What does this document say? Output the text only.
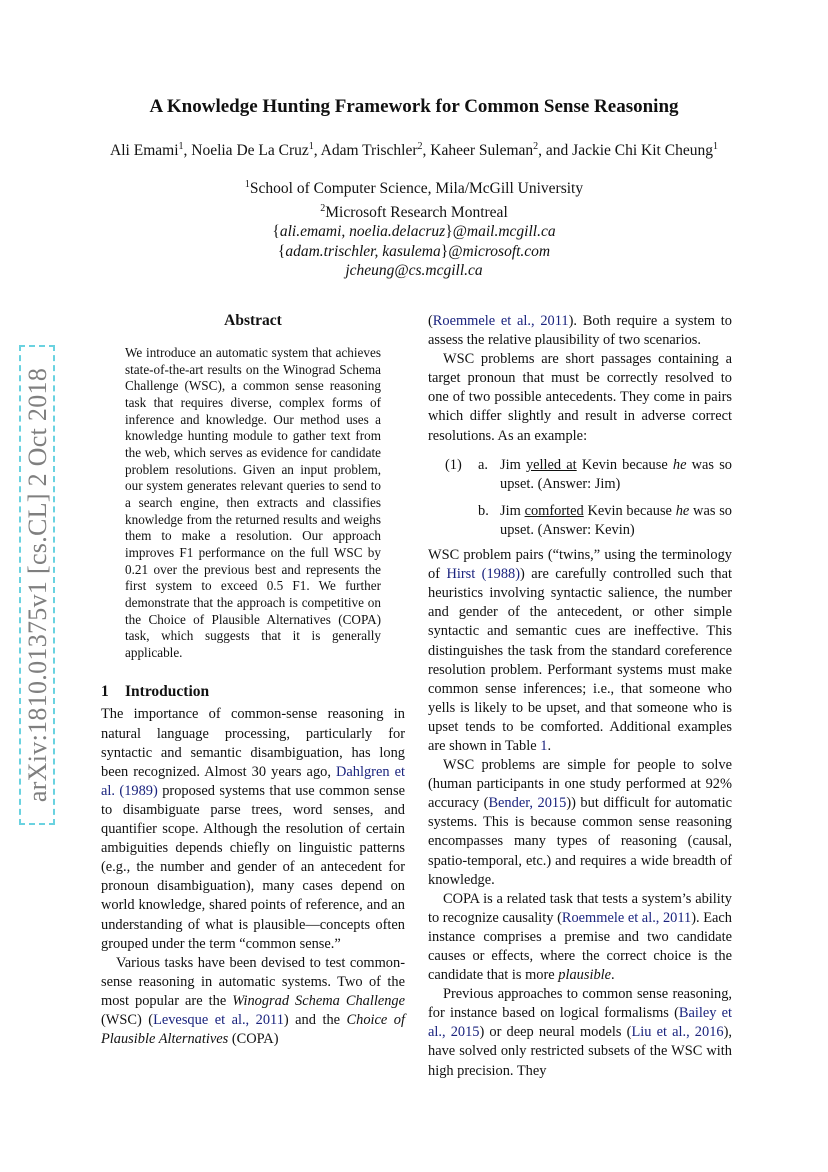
arXiv:1810.01375v1 [cs.CL] 2 Oct 2018
A Knowledge Hunting Framework for Common Sense Reasoning
Ali Emami$^1$, Noelia De La Cruz$^1$, Adam Trischler$^2$, Kaheer Suleman$^2$, and Jackie Chi Kit Cheung$^1$
$^1$School of Computer Science, Mila/McGill University
$^2$Microsoft Research Montreal
{ali.emami, noelia.delacruz}@mail.mcgill.ca
{adam.trischler, kasulema}@microsoft.com
jcheung@cs.mcgill.ca
Abstract
We introduce an automatic system that achieves state-of-the-art results on the Winograd Schema Challenge (WSC), a common sense reasoning task that requires diverse, complex forms of inference and knowledge. Our method uses a knowledge hunting module to gather text from the web, which serves as evidence for candidate problem resolutions. Given an input problem, our system generates relevant queries to send to a search engine, then extracts and classifies knowledge from the returned results and weighs them to make a resolution. Our approach improves F1 performance on the full WSC by 0.21 over the previous best and represents the first system to exceed 0.5 F1. We further demonstrate that the approach is competitive on the Choice of Plausible Alternatives (COPA) task, which suggests that it is generally applicable.
1 Introduction

The importance of common-sense reasoning in natural language processing, particularly for syntactic and semantic disambiguation, has long been recognized. Almost 30 years ago, Dahlgren et al. (1989) proposed systems that use common sense to disambiguate parse trees, word senses, and quantifier scope. Although the resolution of certain ambiguities depends chiefly on linguistic patterns (e.g., the number and gender of an antecedent for pronoun disambiguation), many cases depend on world knowledge, shared points of reference, and an understanding of what is plausible—concepts often grouped under the term “common sense.”

Various tasks have been devised to test common-sense reasoning in automatic systems. Two of the most popular are the Winograd Schema Challenge (WSC) (Levesque et al., 2011) and the Choice of Plausible Alternatives (COPA)

(Roemmele et al., 2011). Both require a system to assess the relative plausibility of two scenarios.

WSC problems are short passages containing a target pronoun that must be correctly resolved to one of two possible antecedents. They come in pairs which differ slightly and result in adverse correct resolutions. As an example:

(1) a. Jim yelled at Kevin because he was so upset. (Answer: Jim)
b. Jim comforted Kevin because he was so upset. (Answer: Kevin)

WSC problem pairs (“twins,” using the terminology of Hirst (1988)) are carefully controlled such that heuristics involving syntactic salience, the number and gender of the antecedent, or other simple syntactic and semantic cues are ineffective. This distinguishes the task from the standard coreference resolution problem. Performant systems must make common sense inferences; i.e., that someone who yells is likely to be upset, and that someone who is upset tends to be comforted. Additional examples are shown in Table 1.

WSC problems are simple for people to solve (human participants in one study performed at 92% accuracy (Bender, 2015)) but difficult for automatic systems. This is because common sense reasoning encompasses many types of reasoning (causal, spatio-temporal, etc.) and requires a wide breadth of knowledge.

COPA is a related task that tests a system’s ability to recognize causality (Roemmele et al., 2011). Each instance comprises a premise and two candidate causes or effects, where the correct choice is the candidate that is more plausible.

Previous approaches to common sense reasoning, for instance based on logical formalisms (Bailey et al., 2015) or deep neural models (Liu et al., 2016), have solved only restricted subsets of the WSC with high precision. They
